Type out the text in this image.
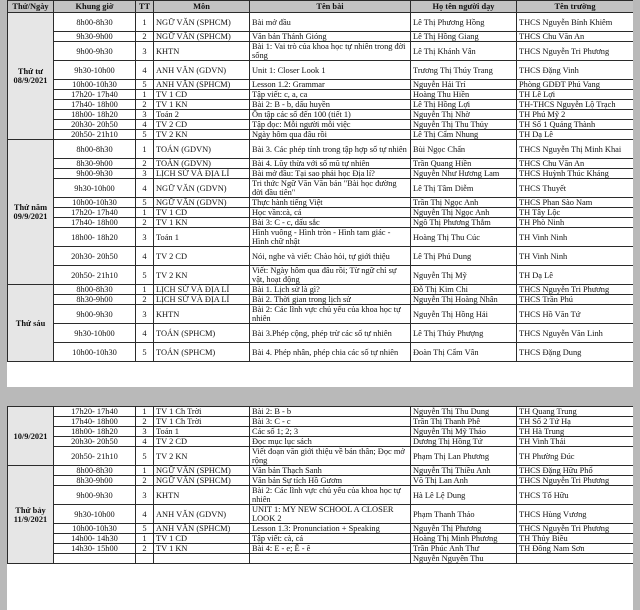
Thứ/Ngày	Khung giờ	TT	Môn	Tên bài	Họ tên người dạy	Tên trường
Thứ tư 08/9/2021	8h00-8h30	1	NGỮ VĂN (SPHCM)	Bài mở đầu	Lê Thị Phương Hồng	THCS Nguyễn Bỉnh Khiêm
	9h30-9h00	2	NGỮ VĂN (SPHCM)	Văn bản Thánh Gióng	Lê Thị Hồng Giang	THCS Chu Văn An
	9h00-9h30	3	KHTN	Bài 1: Vai trò của khoa học tự nhiên trong đời sống	Lê Thị Khánh Vân	THCS Nguyễn Tri Phương
	9h30-10h00	4	ANH VĂN (GDVN)	Unit 1: Closer Look 1	Trương Thị Thúy Trang	THCS Đặng Vinh
	10h00-10h30	5	ANH VĂN (SPHCM)	Lesson 1.2: Grammar	Nguyễn Hải Trí	Phòng GDĐT Phú Vang
	17h20- 17h40	1	TV 1 CD	Tập viết: c, a, ca	Hoàng Thu Hiền	TH Lê Lợi
	17h40- 18h00	2	TV 1 KN	Bài 2: B - b, dấu huyền	Lê Thị Hồng Lợi	TH-THCS Nguyễn Lộ Trạch
	18h00- 18h20	3	Toán 2	Ôn tập các số đến 100 (tiết 1)	Nguyễn Thị Nhờ	TH Phú Mỹ 2
	20h30- 20h50	4	TV 2 CD	Tập đọc: Mỗi người mỗi việc	Nguyễn Thị Thu Thủy	TH Số 1 Quảng Thành
	20h50- 21h10	5	TV 2 KN	Ngày hôm qua đâu rồi	Lê Thị Cẩm Nhung	TH Dạ Lê
Thứ năm 09/9/2021	8h00-8h30	1	TOÁN (GDVN)	Bài 3. Các phép tính trong tập hợp số tự nhiên	Bùi Ngọc Chấn	THCS Nguyễn Thị Minh Khai
	8h30-9h00	2	TOÁN (GDVN)	Bài 4. Lũy thừa với số mũ tự nhiên	Trần Quang Hiền	THCS Chu Văn An
	9h00-9h30	3	LỊCH SỬ VÀ ĐỊA LÍ	Bài mở đầu: Tại sao phải học Địa lí?	Nguyễn Như Hương Lam	THCS Huỳnh Thúc Kháng
	9h30-10h00	4	NGỮ VĂN (GDVN)	Tri thức Ngữ Văn Văn bản "Bài học đường đời đầu tiên"	Lê Thị Tâm Diễm	THCS Thuyết
	10h00-10h30	5	NGỮ VĂN (GDVN)	Thực hành tiếng Việt	Trần Thị Ngọc Anh	THCS Phan Sào Nam
	17h20- 17h40	1	TV 1 CD	Học vần:cà, cá	Nguyễn Thị Ngọc Anh	TH Tây Lộc
	17h40- 18h00	2	TV 1 KN	Bài 3: C - c, dấu sắc	Ngô Thị Phương Thắm	TH Phò Ninh
	18h00- 18h20	3	Toán 1	Hình vuông - Hình tròn - Hình tam giác - Hình chữ nhật	Hoàng Thị Thu Cúc	TH Vinh Ninh
	20h30- 20h50	4	TV 2 CD	Nói, nghe và viết: Chào hỏi, tự giới thiệu	Lê Thị Phú Dung	TH Vinh Ninh
	20h50- 21h10	5	TV 2 KN	Viết: Ngày hôm qua đâu rồi; Từ ngữ chỉ sự vật, hoạt động	Nguyễn Thị Mỹ	TH Dạ Lê
Thứ sáu	8h00-8h30	1	LỊCH SỬ VÀ ĐỊA LÍ	Bài 1. Lịch sử là gì?	Đỗ Thị Kim Chi	THCS Nguyễn Tri Phương
	8h30-9h00	2	LỊCH SỬ VÀ ĐỊA LÍ	Bài 2. Thời gian trong lịch sử	Nguyễn Thị Hoàng Nhân	THCS Trần Phú
	9h00-9h30	3	KHTN	Bài 2: Các lĩnh vực chủ yếu của khoa học tự nhiên	Nguyễn Thị Hồng Hải	THCS Hồ Văn Tứ
	9h30-10h00	4	TOÁN (SPHCM)	Bài 3.Phép cộng, phép trừ các số tự nhiên	Lê Thị Thúy Phượng	THCS Nguyễn Văn Linh
	10h00-10h30	5	TOÁN (SPHCM)	Bài 4. Phép nhân, phép chia các số tự nhiên	Đoàn Thị Cẩm Vân	THCS Đặng Dung
10/9/2021	17h20- 17h40	1	TV 1 Ch Trời	Bài 2: B - b	Nguyễn Thị Thu Dung	TH Quang Trung
	17h40- 18h00	2	TV 1 Ch Trời	Bài 3: C - c	Trần Thị Thanh Phê	TH Số 2 Tứ Hạ
	18h00- 18h20	3	Toán 1	Các số 1; 2; 3	Nguyễn Thị Mỹ Thảo	TH Hà Trung
	20h30- 20h50	4	TV 2 CD	Đọc mục lục sách	Dương Thị Hồng Tứ	TH Vinh Thái
	20h50- 21h10	5	TV 2 KN	Viết đoạn văn giới thiệu về bản thân; Đọc mở rộng	Phạm Thị Lan Phương	TH Phường Đúc
Thứ bảy 11/9/2021	8h00-8h30	1	NGỮ VĂN (SPHCM)	Văn bản Thạch Sanh	Nguyễn Thị Thiều Anh	THCS Đặng Hữu Phổ
	8h30-9h00	2	NGỮ VĂN (SPHCM)	Văn bản Sự tích Hồ Gươm	Võ Thị Lan Anh	THCS Nguyễn Tri Phương
	9h00-9h30	3	KHTN	Bài 2: Các lĩnh vực chủ yếu của khoa học tự nhiên	Hà Lê Lệ Dung	THCS Tố Hữu
	9h30-10h00	4	ANH VĂN (GDVN)	UNIT 1: MY NEW SCHOOL A CLOSER LOOK 2	Phạm Thanh Thảo	THCS Hùng Vương
	10h00-10h30	5	ANH VĂN (SPHCM)	Lesson 1.3: Pronunciation + Speaking	Nguyễn Thị Phương	THCS Nguyễn Tri Phương
	14h00- 14h30	1	TV 1 CD	Tập viết: cà, cá	Hoàng Thị Minh Phương	TH Thủy Biều
	14h30- 15h00	2	TV 1 KN	Bài 4: E - e; Ê - ê	Trần Phúc Anh Thư	TH Đông Nam Sơn
					Nguyễn Nguyên Thu	
